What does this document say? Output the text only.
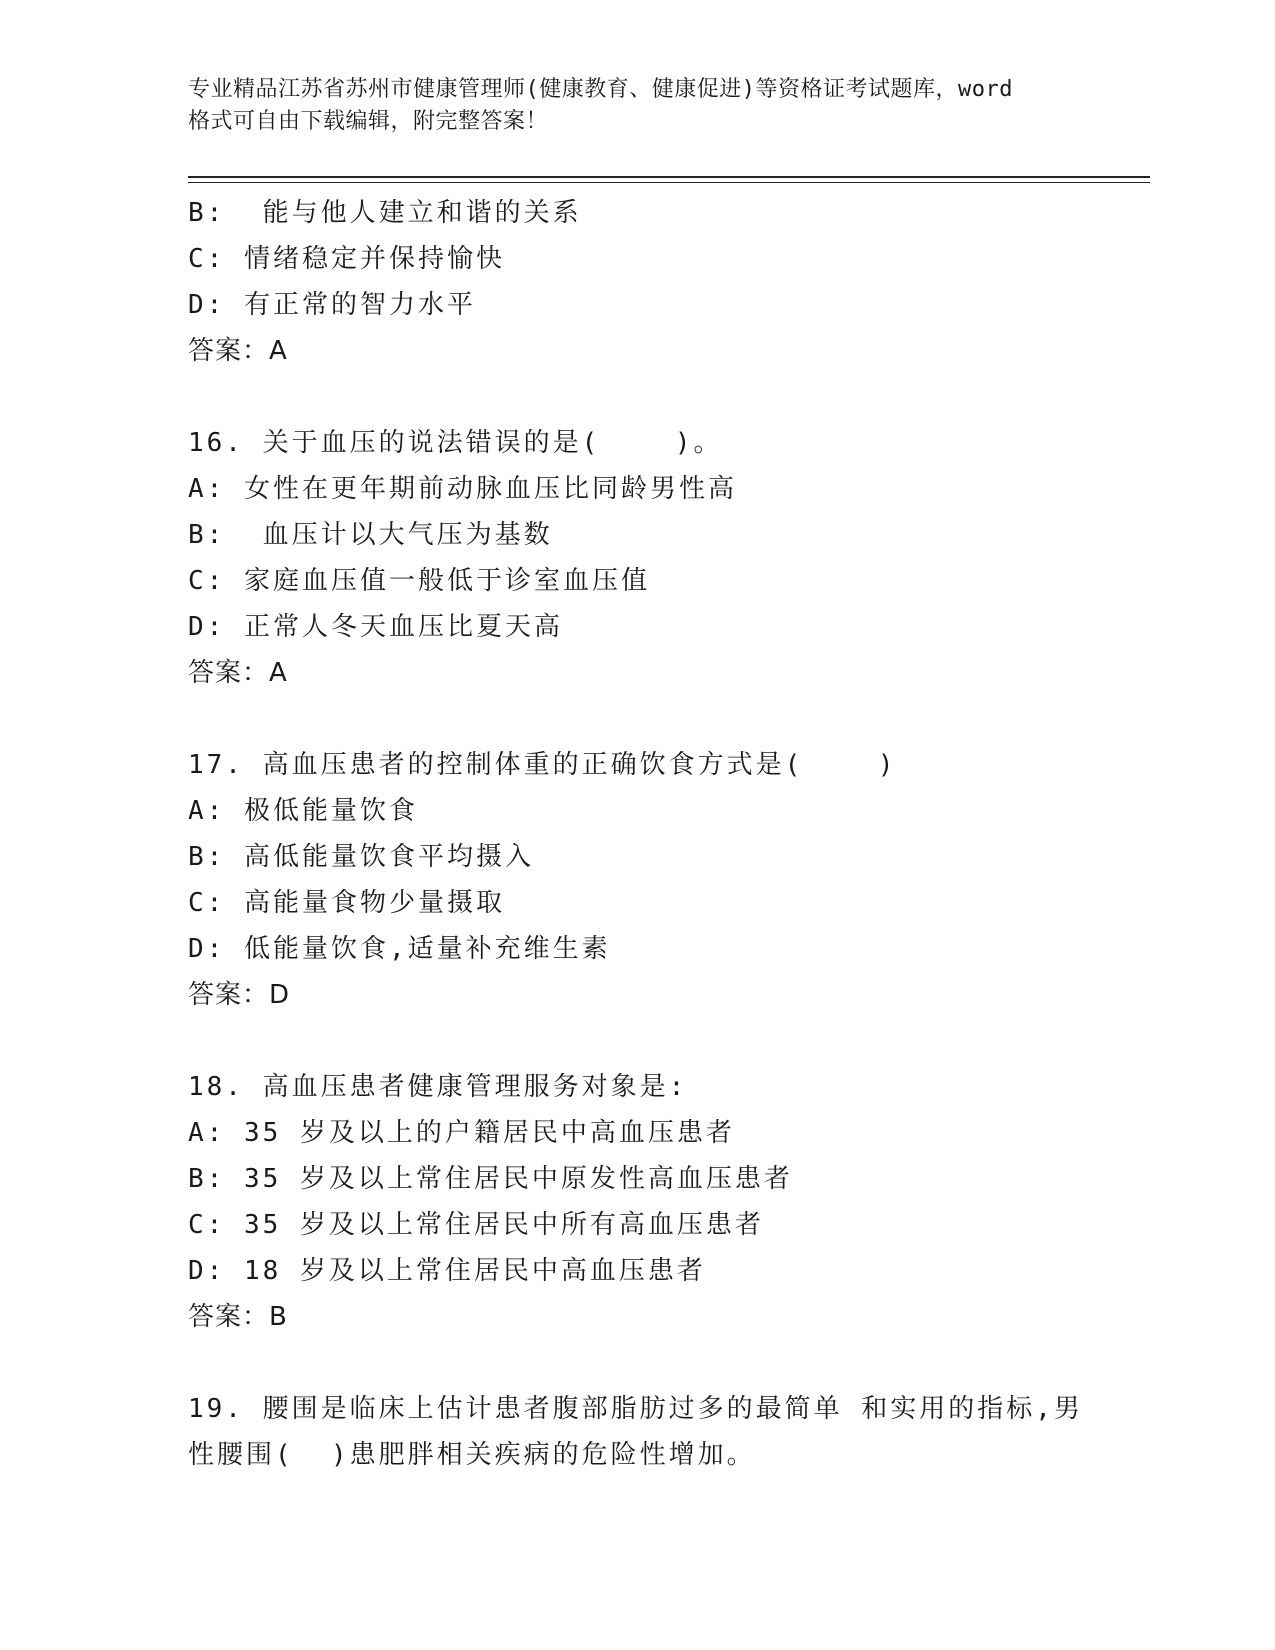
专业精品江苏省苏州市健康管理师(健康教育、健康促进)等资格证考试题库，word
格式可自由下载编辑，附完整答案！
B:  能与他人建立和谐的关系
C: 情绪稳定并保持愉快
D: 有正常的智力水平
答案：A
16. 关于血压的说法错误的是(    )。
A: 女性在更年期前动脉血压比同龄男性高
B:  血压计以大气压为基数
C: 家庭血压值一般低于诊室血压值
D: 正常人冬天血压比夏天高
答案：A
17. 高血压患者的控制体重的正确饮食方式是(    )
A: 极低能量饮食
B: 高低能量饮食平均摄入
C: 高能量食物少量摄取
D: 低能量饮食,适量补充维生素
答案：D
18. 高血压患者健康管理服务对象是:
A: 35 岁及以上的户籍居民中高血压患者
B: 35 岁及以上常住居民中原发性高血压患者
C: 35 岁及以上常住居民中所有高血压患者
D: 18 岁及以上常住居民中高血压患者
答案：B
19. 腰围是临床上估计患者腹部脂肪过多的最简单 和实用的指标,男
性腰围(  )患肥胖相关疾病的危险性增加。
